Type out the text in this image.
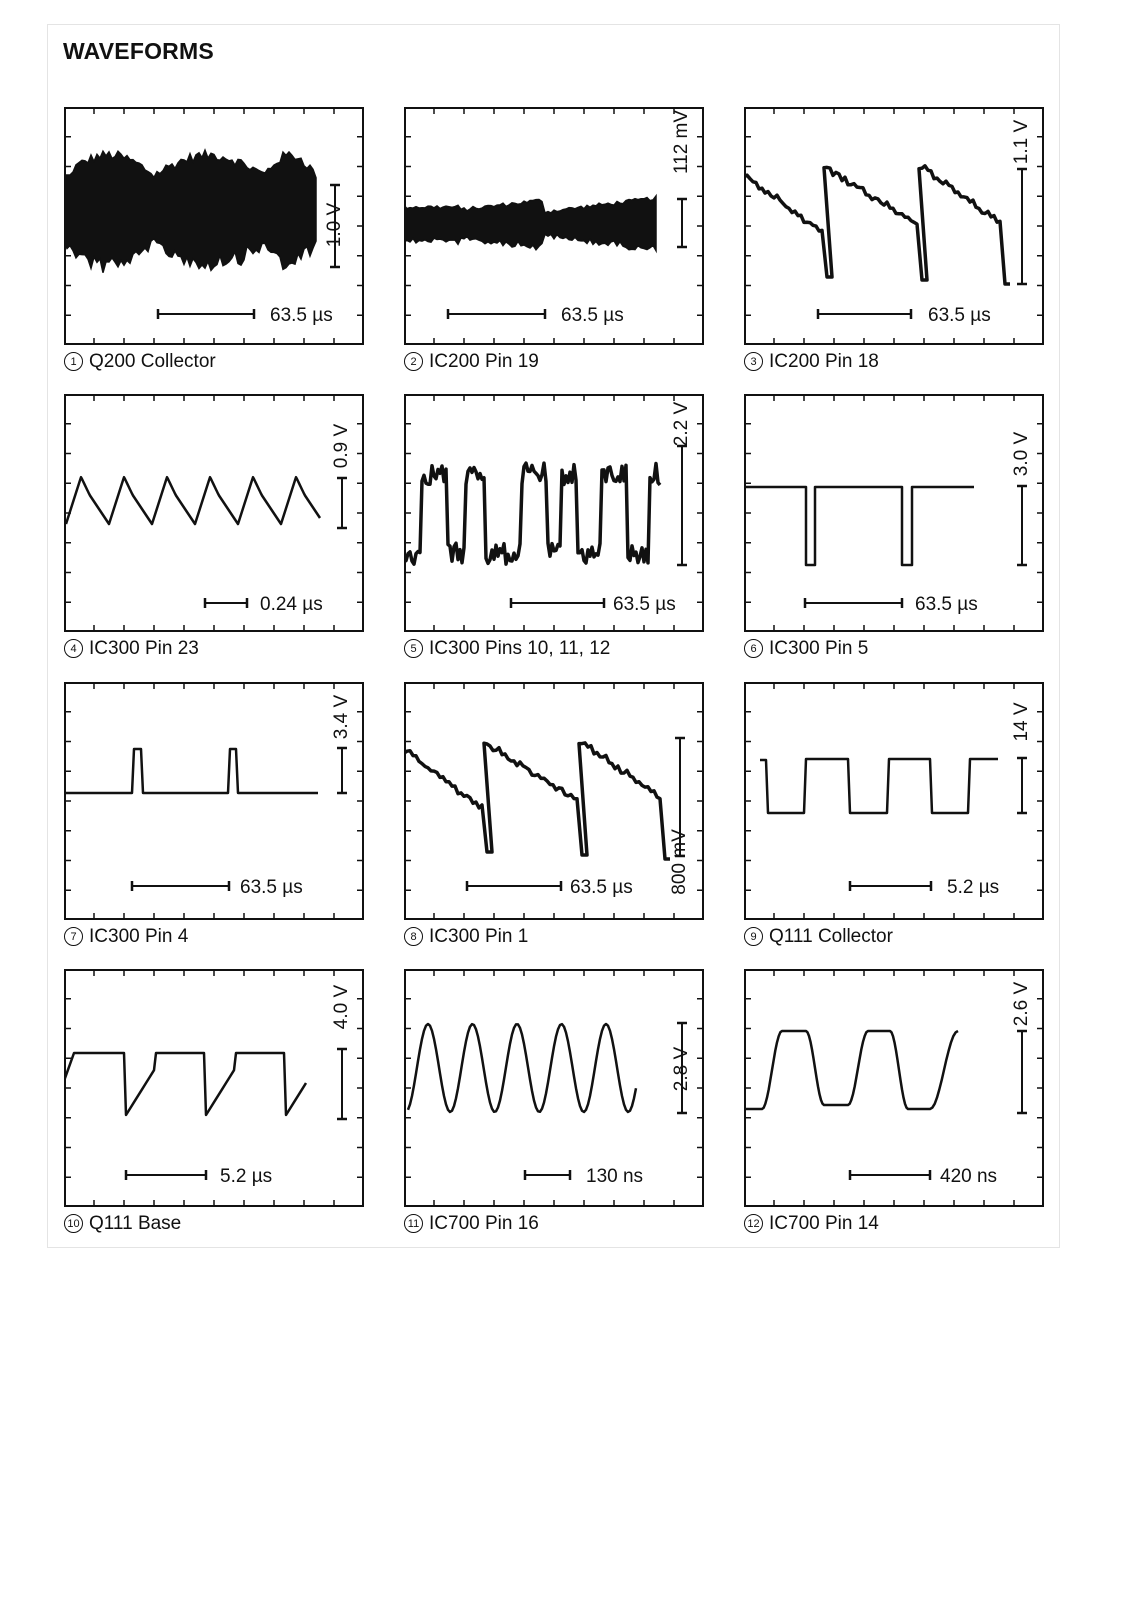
WAVEFORMS
1.0 V
63.5 µs
1 Q200 Collector
112 mV
63.5 µs
2 IC200 Pin 19
1.1 V
63.5 µs
3 IC200 Pin 18
0.9 V
0.24 µs
4 IC300 Pin 23
2.2 V
63.5 µs
5 IC300 Pins 10, 11, 12
3.0 V
63.5 µs
6 IC300 Pin 5
3.4 V
63.5 µs
7 IC300 Pin 4
800 mV
63.5 µs
8 IC300 Pin 1
14 V
5.2 µs
9 Q111 Collector
4.0 V
5.2 µs
10 Q111 Base
2.8 V
130 ns
11 IC700 Pin 16
2.6 V
420 ns
12 IC700 Pin 14
